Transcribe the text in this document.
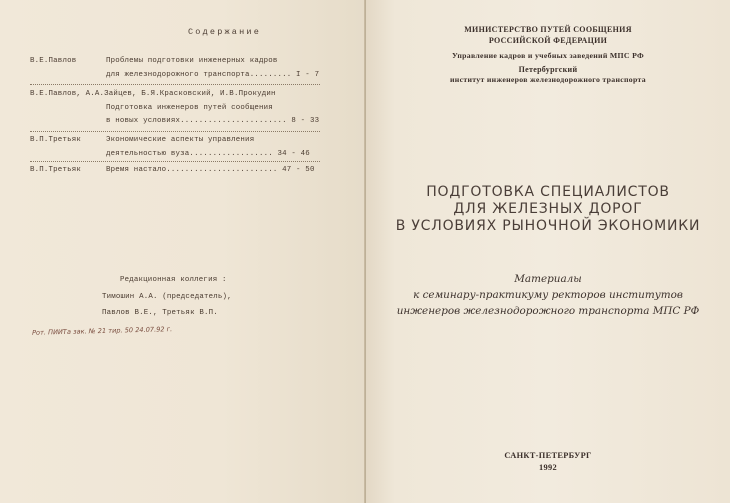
Содержание
В.Е.Павлов	Проблемы подготовки инженерных кадров
для железнодорожного транспорта......... I - 7
В.Е.Павлов, А.А.Зайцев, Б.Я.Красковский, И.В.Прокудин
Подготовка инженеров путей сообщения
в новых условиях....................... 8 - 33
В.П.Третьяк	Экономические аспекты управления
деятельностью вуза.................. 34 - 46
В.П.Третьяк	Время настало........................ 47 - 50
Редакционная коллегия :
Тимошин А.А. (председатель),
Павлов В.Е., Третьяк В.П.
Рот. ПИИТа зак. № 21 тир. 50 24.07.92 г.
МИНИСТЕРСТВО ПУТЕЙ СООБЩЕНИЯ
РОССИЙСКОЙ ФЕДЕРАЦИИ
Управление кадров и учебных заведений МПС РФ
Петербургский
институт инженеров железнодорожного транспорта
ПОДГОТОВКА СПЕЦИАЛИСТОВ
ДЛЯ ЖЕЛЕЗНЫХ ДОРОГ
В УСЛОВИЯХ РЫНОЧНОЙ ЭКОНОМИКИ
Материалы
к семинару-практикуму ректоров институтов
инженеров железнодорожного транспорта МПС РФ
САНКТ-ПЕТЕРБУРГ
1992
